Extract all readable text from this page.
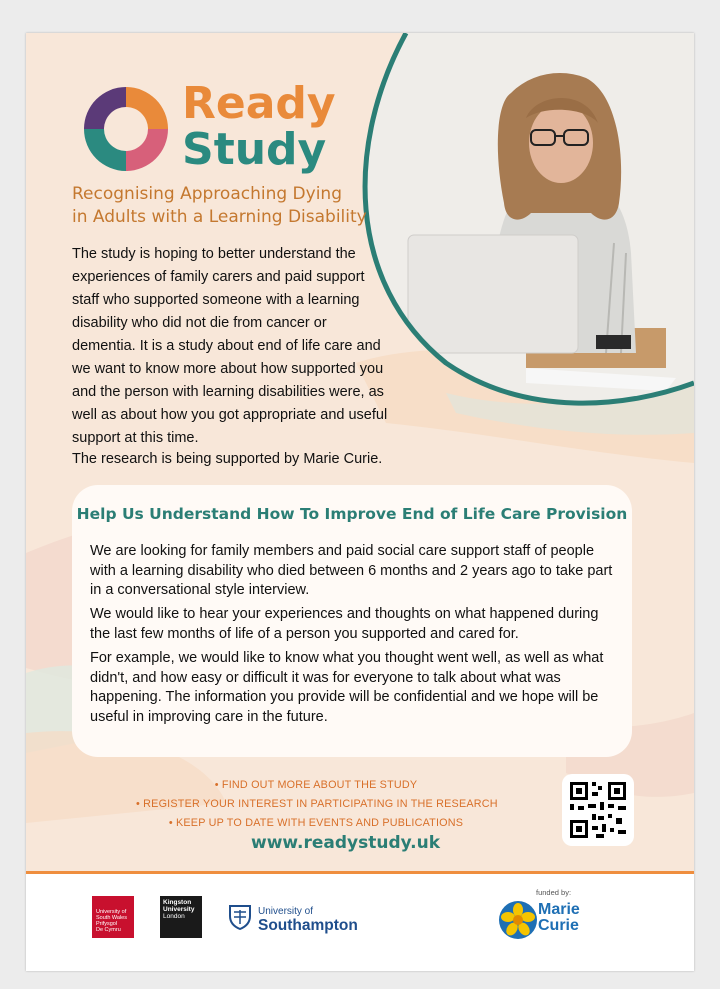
Ready
Study
Recognising Approaching Dying
in Adults with a Learning Disability

The study is hoping to better understand the experiences of family carers and paid support staff who supported someone with a learning disability who did not die from cancer or dementia. It is a study about end of life care and we want to know more about how supported you and the person with learning disabilities were, as well as about how you got appropriate and useful support at this time.

The research is being supported by Marie Curie.
Help Us Understand How To Improve End of Life Care Provision

We are looking for family members and paid social care support staff of people with a learning disability who died between 6 months and 2 years ago to take part in a conversational style interview.

We would like to hear your experiences and thoughts on what happened during the last few months of life of a person you supported and cared for.

For example, we would like to know what you thought went well, as well as what didn't, and how easy or difficult it was for everyone to talk about what was happening. The information you provide will be confidential and we hope will be useful in improving care in the future.

• FIND OUT MORE ABOUT THE STUDY
• REGISTER YOUR INTEREST IN PARTICIPATING IN THE RESEARCH
• KEEP UP TO DATE WITH EVENTS AND PUBLICATIONS
www.readystudy.uk
University of
South Wales
Prifysgol
De Cymru
Kingston
University
London	University of
Southampton
funded by:
Marie
Curie
